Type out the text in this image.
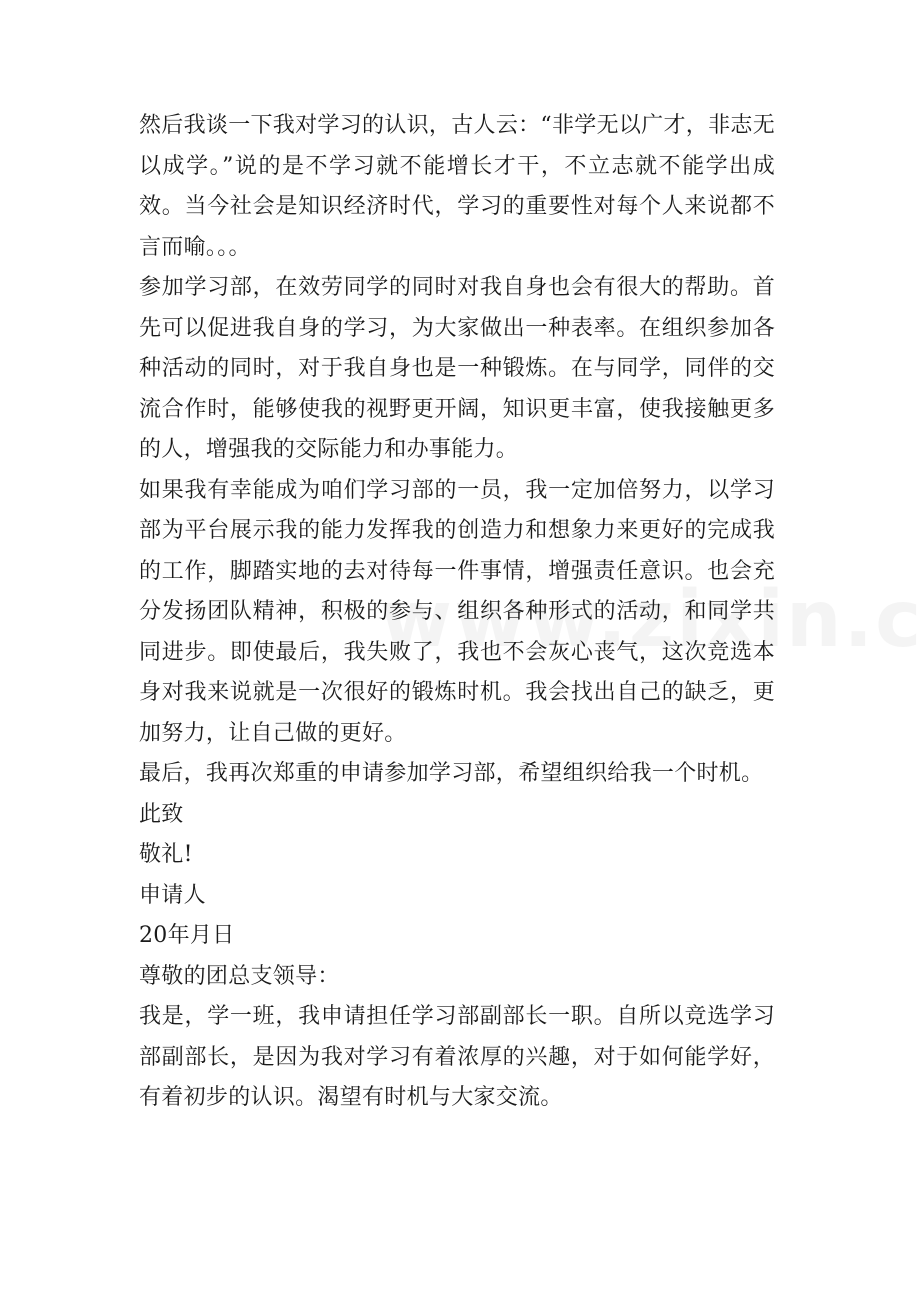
然后我谈一下我对学习的认识，古人云：“非学无以广才，非志无以成学。”说的是不学习就不能增长才干，不立志就不能学出成效。当今社会是知识经济时代，学习的重要性对每个人来说都不言而喻。。。

参加学习部，在效劳同学的同时对我自身也会有很大的帮助。首先可以促进我自身的学习，为大家做出一种表率。在组织参加各种活动的同时，对于我自身也是一种锻炼。在与同学，同伴的交流合作时，能够使我的视野更开阔，知识更丰富，使我接触更多的人，增强我的交际能力和办事能力。

如果我有幸能成为咱们学习部的一员，我一定加倍努力，以学习部为平台展示我的能力发挥我的创造力和想象力来更好的完成我的工作，脚踏实地的去对待每一件事情，增强责任意识。也会充分发扬团队精神，积极的参与、组织各种形式的活动，和同学共同进步。即使最后，我失败了，我也不会灰心丧气，这次竞选本身对我来说就是一次很好的锻炼时机。我会找出自己的缺乏，更加努力，让自己做的更好。

最后，我再次郑重的申请参加学习部，希望组织给我一个时机。

此致

敬礼!

申请人

20年月日

尊敬的团总支领导：

我是，学一班，我申请担任学习部副部长一职。自所以竞选学习部副部长，是因为我对学习有着浓厚的兴趣，对于如何能学好，有着初步的认识。渴望有时机与大家交流。
